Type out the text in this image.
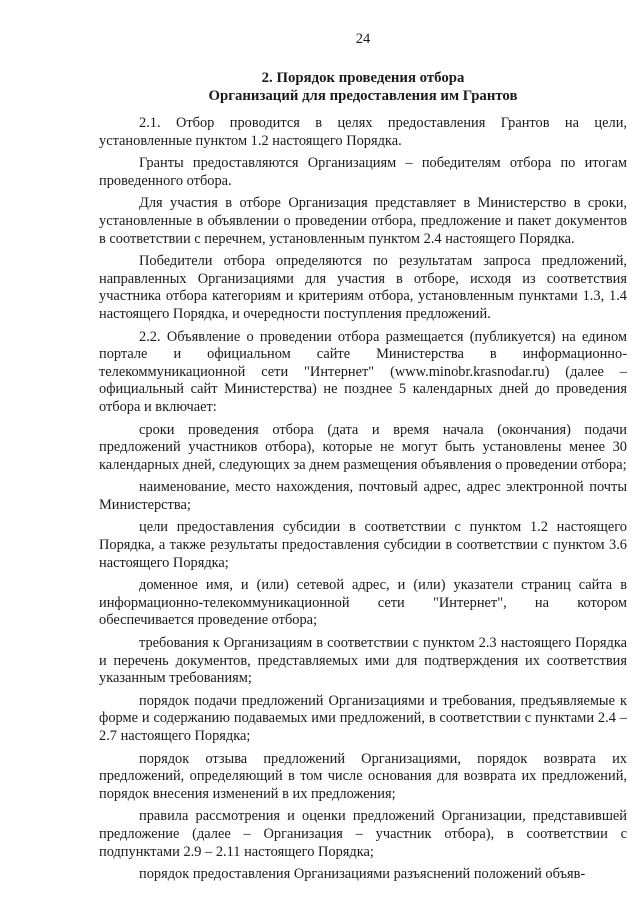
24
2. Порядок проведения отбора
Организаций для предоставления им Грантов

2.1. Отбор проводится в целях предоставления Грантов на цели, установленные пунктом 1.2 настоящего Порядка.

Гранты предоставляются Организациям – победителям отбора по итогам проведенного отбора.

Для участия в отборе Организация представляет в Министерство в сроки, установленные в объявлении о проведении отбора, предложение и пакет документов в соответствии с перечнем, установленным пунктом 2.4 настоящего Порядка.

Победители отбора определяются по результатам запроса предложений, направленных Организациями для участия в отборе, исходя из соответствия участника отбора категориям и критериям отбора, установленным пунктами 1.3, 1.4 настоящего Порядка, и очередности поступления предложений.

2.2. Объявление о проведении отбора размещается (публикуется) на едином портале и официальном сайте Министерства в информационно-телекоммуникационной сети "Интернет" (www.minobr.krasnodar.ru) (далее – официальный сайт Министерства) не позднее 5 календарных дней до проведения отбора и включает:

сроки проведения отбора (дата и время начала (окончания) подачи предложений участников отбора), которые не могут быть установлены менее 30 календарных дней, следующих за днем размещения объявления о проведении отбора;

наименование, место нахождения, почтовый адрес, адрес электронной почты Министерства;

цели предоставления субсидии в соответствии с пунктом 1.2 настоящего Порядка, а также результаты предоставления субсидии в соответствии с пунктом 3.6 настоящего Порядка;

доменное имя, и (или) сетевой адрес, и (или) указатели страниц сайта в информационно-телекоммуникационной сети "Интернет", на котором обеспечивается проведение отбора;

требования к Организациям в соответствии с пунктом 2.3 настоящего Порядка и перечень документов, представляемых ими для подтверждения их соответствия указанным требованиям;

порядок подачи предложений Организациями и требования, предъявляемые к форме и содержанию подаваемых ими предложений, в соответствии с пунктами 2.4 – 2.7 настоящего Порядка;

порядок отзыва предложений Организациями, порядок возврата их предложений, определяющий в том числе основания для возврата их предложений, порядок внесения изменений в их предложения;

правила рассмотрения и оценки предложений Организации, представившей предложение (далее – Организация – участник отбора), в соответствии с подпунктами 2.9 – 2.11 настоящего Порядка;

порядок предоставления Организациями разъяснений положений объяв-
